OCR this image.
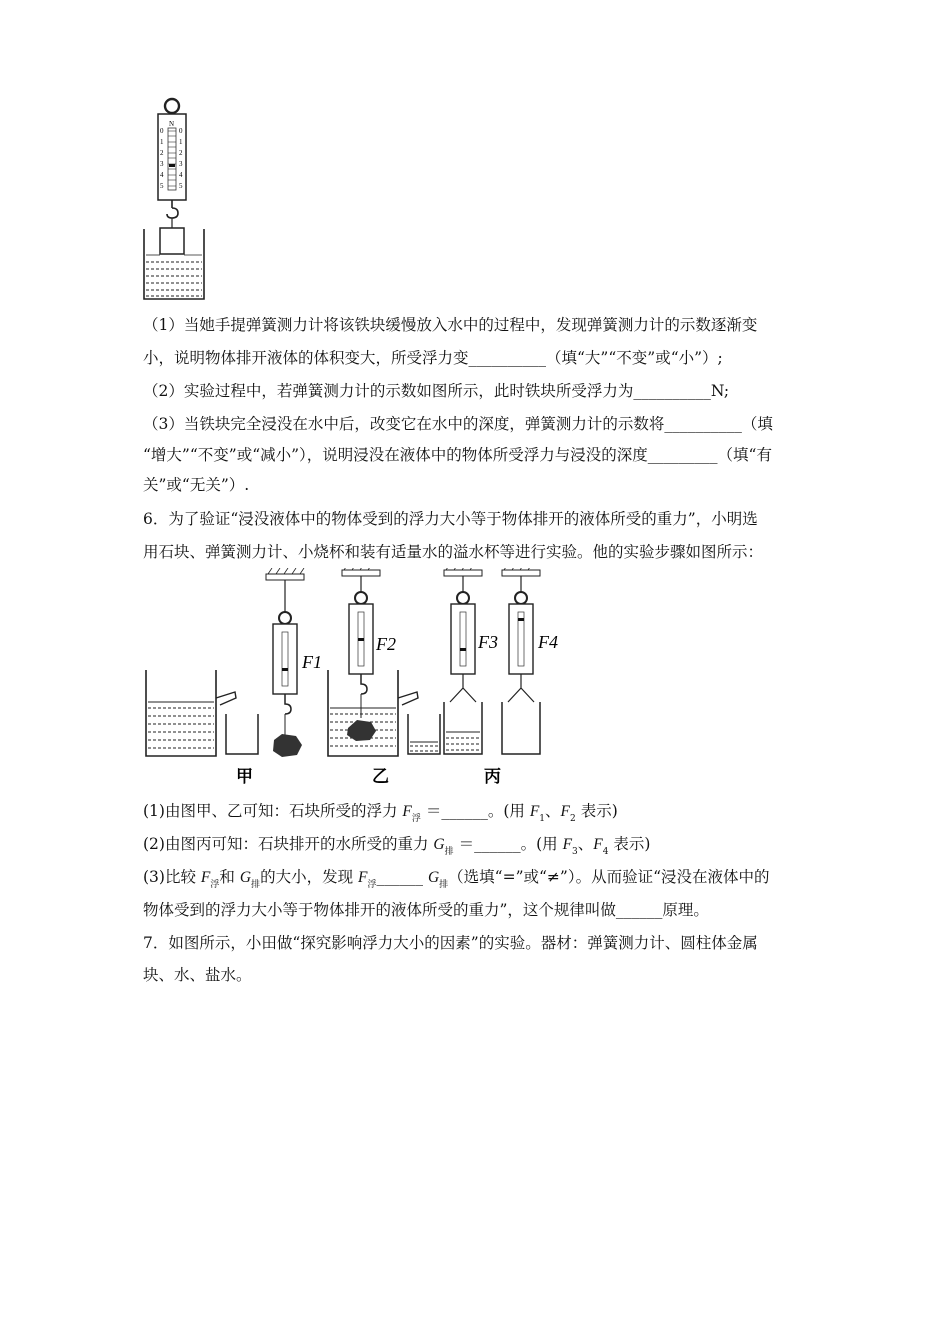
N
0
1
2
3
4
5
0
1
2
3
4
5
（1）当她手提弹簧测力计将该铁块缓慢放入水中的过程中，发现弹簧测力计的示数逐渐变
小，说明物体排开液体的体积变大，所受浮力变__________（填“大”“不变”或“小”）;
（2）实验过程中，若弹簧测力计的示数如图所示，此时铁块所受浮力为__________N;
（3）当铁块完全浸没在水中后，改变它在水中的深度，弹簧测力计的示数将__________（填
“增大”“不变”或“减小”），说明浸没在液体中的物体所受浮力与浸没的深度_________（填“有
关”或“无关”）.
6．为了验证“浸没液体中的物体受到的浮力大小等于物体排开的液体所受的重力”，小明选
用石块、弹簧测力计、小烧杯和装有适量水的溢水杯等进行实验。他的实验步骤如图所示：
F1
F2	F3 F4
甲	乙	丙
(1)由图甲、乙可知：石块所受的浮力 $F_浮$ ＝______。(用 $F_1$、$F_2$ 表示)
(2)由图丙可知：石块排开的水所受的重力 $G_排$ ＝______。(用 $F_3$、$F_4$ 表示)
(3)比较 $F_浮$和 $G_排$的大小，发现 $F_浮\_\_\_\_\_\_$ $G_排$（选填“=”或“≠”）。从而验证“浸没在液体中的
物体受到的浮力大小等于物体排开的液体所受的重力”，这个规律叫做______原理。
7．如图所示，小田做“探究影响浮力大小的因素”的实验。器材：弹簧测力计、圆柱体金属
块、水、盐水。
